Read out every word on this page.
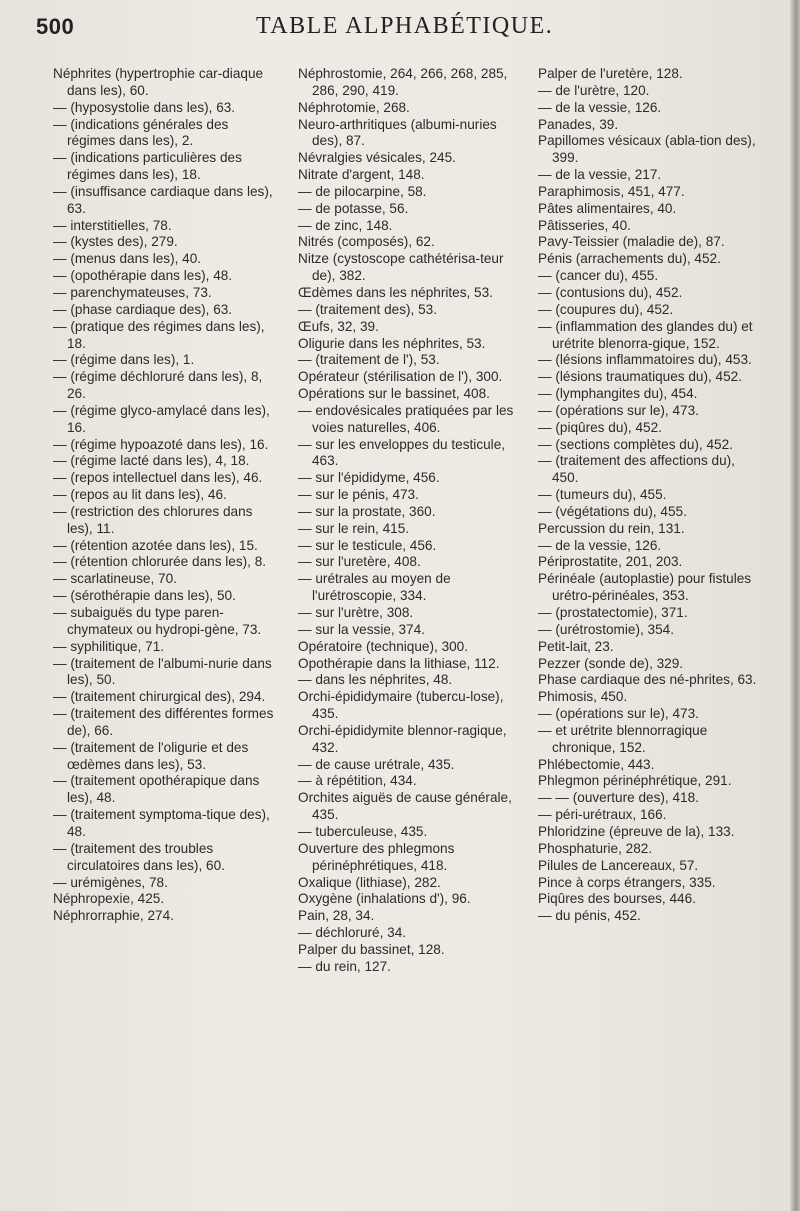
500	TABLE ALPHABÉTIQUE.

Néphrites (hypertrophie car-diaque dans les), 60.

— (hyposystolie dans les), 63.

— (indications générales des régimes dans les), 2.

— (indications particulières des régimes dans les), 18.

— (insuffisance cardiaque dans les), 63.

— interstitielles, 78.

— (kystes des), 279.

— (menus dans les), 40.

— (opothérapie dans les), 48.

— parenchymateuses, 73.

— (phase cardiaque des), 63.

— (pratique des régimes dans les), 18.

— (régime dans les), 1.

— (régime déchloruré dans les), 8, 26.

— (régime glyco-amylacé dans les), 16.

— (régime hypoazoté dans les), 16.

— (régime lacté dans les), 4, 18.

— (repos intellectuel dans les), 46.

— (repos au lit dans les), 46.

— (restriction des chlorures dans les), 11.

— (rétention azotée dans les), 15.

— (rétention chlorurée dans les), 8.

— scarlatineuse, 70.

— (sérothérapie dans les), 50.

— subaiguës du type paren-chymateux ou hydropi-gène, 73.

— syphilitique, 71.

— (traitement de l'albumi-nurie dans les), 50.

— (traitement chirurgical des), 294.

— (traitement des différentes formes de), 66.

— (traitement de l'oligurie et des œdèmes dans les), 53.

— (traitement opothérapique dans les), 48.

— (traitement symptoma-tique des), 48.

— (traitement des troubles circulatoires dans les), 60.

— urémigènes, 78.

Néphropexie, 425.

Néphrorraphie, 274.

Néphrostomie, 264, 266, 268, 285, 286, 290, 419.

Néphrotomie, 268.

Neuro-arthritiques (albumi-nuries des), 87.

Névralgies vésicales, 245.

Nitrate d'argent, 148.

— de pilocarpine, 58.

— de potasse, 56.

— de zinc, 148.

Nitrés (composés), 62.

Nitze (cystoscope cathétérisa-teur de), 382.

Œdèmes dans les néphrites, 53.

— (traitement des), 53.

Œufs, 32, 39.

Oligurie dans les néphrites, 53.

— (traitement de l'), 53.

Opérateur (stérilisation de l'), 300.

Opérations sur le bassinet, 408.

— endovésicales pratiquées par les voies naturelles, 406.

— sur les enveloppes du testicule, 463.

— sur l'épididyme, 456.

— sur le pénis, 473.

— sur la prostate, 360.

— sur le rein, 415.

— sur le testicule, 456.

— sur l'uretère, 408.

— urétrales au moyen de l'urétroscopie, 334.

— sur l'urètre, 308.

— sur la vessie, 374.

Opératoire (technique), 300.

Opothérapie dans la lithiase, 112.

— dans les néphrites, 48.

Orchi-épididymaire (tubercu-lose), 435.

Orchi-épididymite blennor-ragique, 432.

— de cause urétrale, 435.

— à répétition, 434.

Orchites aiguës de cause générale, 435.

— tuberculeuse, 435.

Ouverture des phlegmons périnéphrétiques, 418.

Oxalique (lithiase), 282.

Oxygène (inhalations d'), 96.

Pain, 28, 34.

— déchloruré, 34.

Palper du bassinet, 128.

— du rein, 127.

Palper de l'uretère, 128.

— de l'urètre, 120.

— de la vessie, 126.

Panades, 39.

Papillomes vésicaux (abla-tion des), 399.

— de la vessie, 217.

Paraphimosis, 451, 477.

Pâtes alimentaires, 40.

Pâtisseries, 40.

Pavy-Teissier (maladie de), 87.

Pénis (arrachements du), 452.

— (cancer du), 455.

— (contusions du), 452.

— (coupures du), 452.

— (inflammation des glandes du) et urétrite blenorra-gique, 152.

— (lésions inflammatoires du), 453.

— (lésions traumatiques du), 452.

— (lymphangites du), 454.

— (opérations sur le), 473.

— (piqûres du), 452.

— (sections complètes du), 452.

— (traitement des affections du), 450.

— (tumeurs du), 455.

— (végétations du), 455.

Percussion du rein, 131.

— de la vessie, 126.

Périprostatite, 201, 203.

Périnéale (autoplastie) pour fistules urétro-périnéales, 353.

— (prostatectomie), 371.

— (urétrostomie), 354.

Petit-lait, 23.

Pezzer (sonde de), 329.

Phase cardiaque des né-phrites, 63.

Phimosis, 450.

— (opérations sur le), 473.

— et urétrite blennorragique chronique, 152.

Phlébectomie, 443.

Phlegmon périnéphrétique, 291.

— — (ouverture des), 418.

— péri-urétraux, 166.

Phloridzine (épreuve de la), 133.

Phosphaturie, 282.

Pilules de Lancereaux, 57.

Pince à corps étrangers, 335.

Piqûres des bourses, 446.

— du pénis, 452.
